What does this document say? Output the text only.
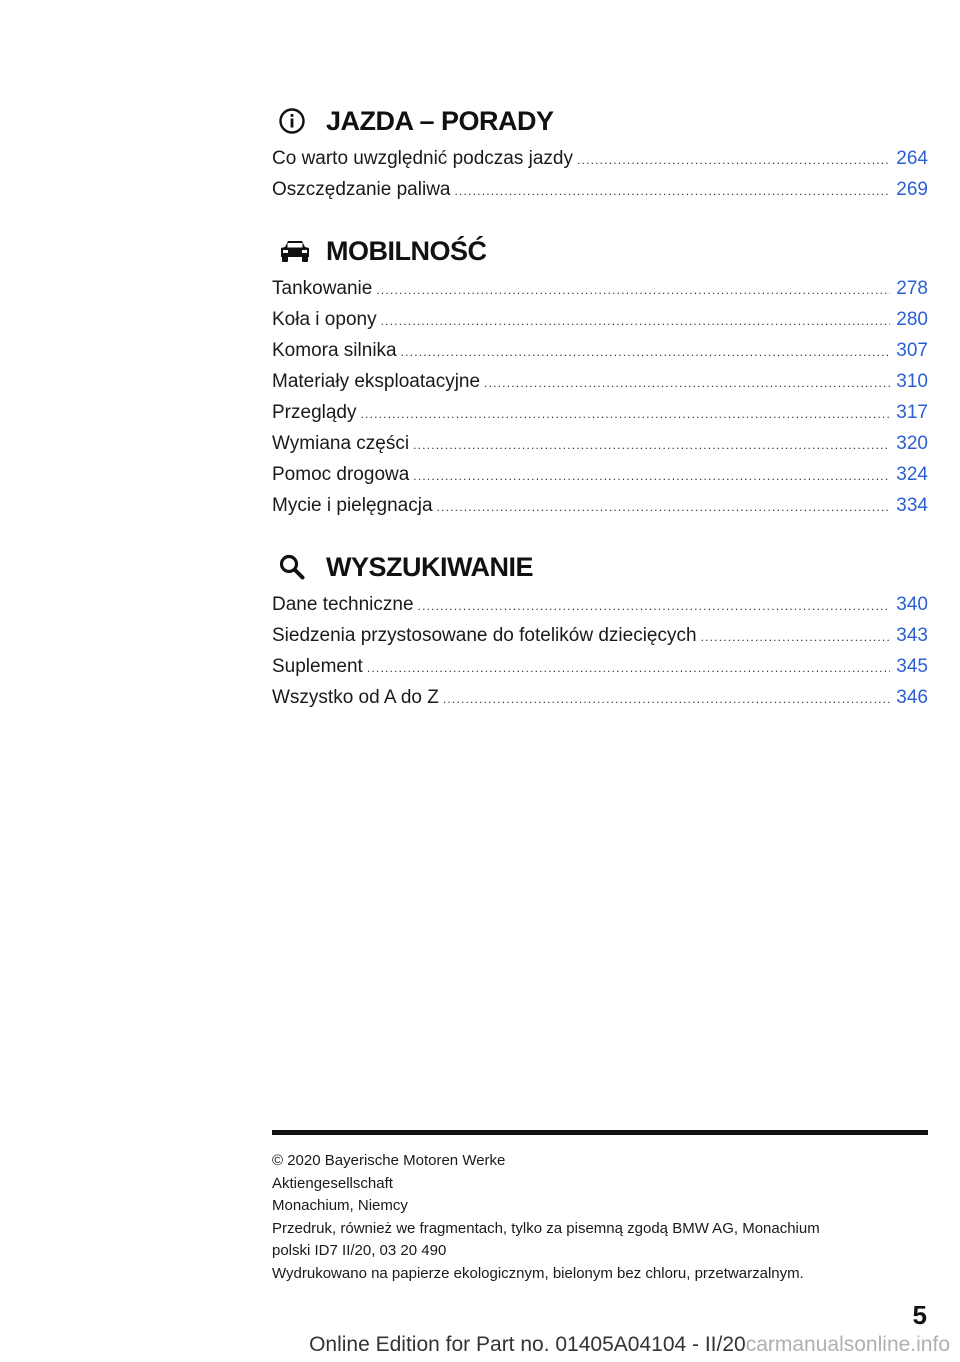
JAZDA – PORADY
Co warto uwzględnić podczas jazdy .....	264
Oszczędzanie paliwa .....	269
MOBILNOŚĆ
Tankowanie .....	278
Koła i opony .....	280
Komora silnika .....	307
Materiały eksploatacyjne .....	310
Przeglądy .....	317
Wymiana części .....	320
Pomoc drogowa .....	324
Mycie i pielęgnacja .....	334
WYSZUKIWANIE
Dane techniczne .....	340
Siedzenia przystosowane do fotelików dziecięcych .....	343
Suplement .....	345
Wszystko od A do Z .....	346
© 2020 Bayerische Motoren Werke
Aktiengesellschaft
Monachium, Niemcy
Przedruk, również we fragmentach, tylko za pisemną zgodą BMW AG, Monachium
polski ID7 II/20, 03 20 490
Wydrukowano na papierze ekologicznym, bielonym bez chloru, przetwarzalnym.
5
Online Edition for Part no. 01405A04104 - II/20carmanualsonline.info
